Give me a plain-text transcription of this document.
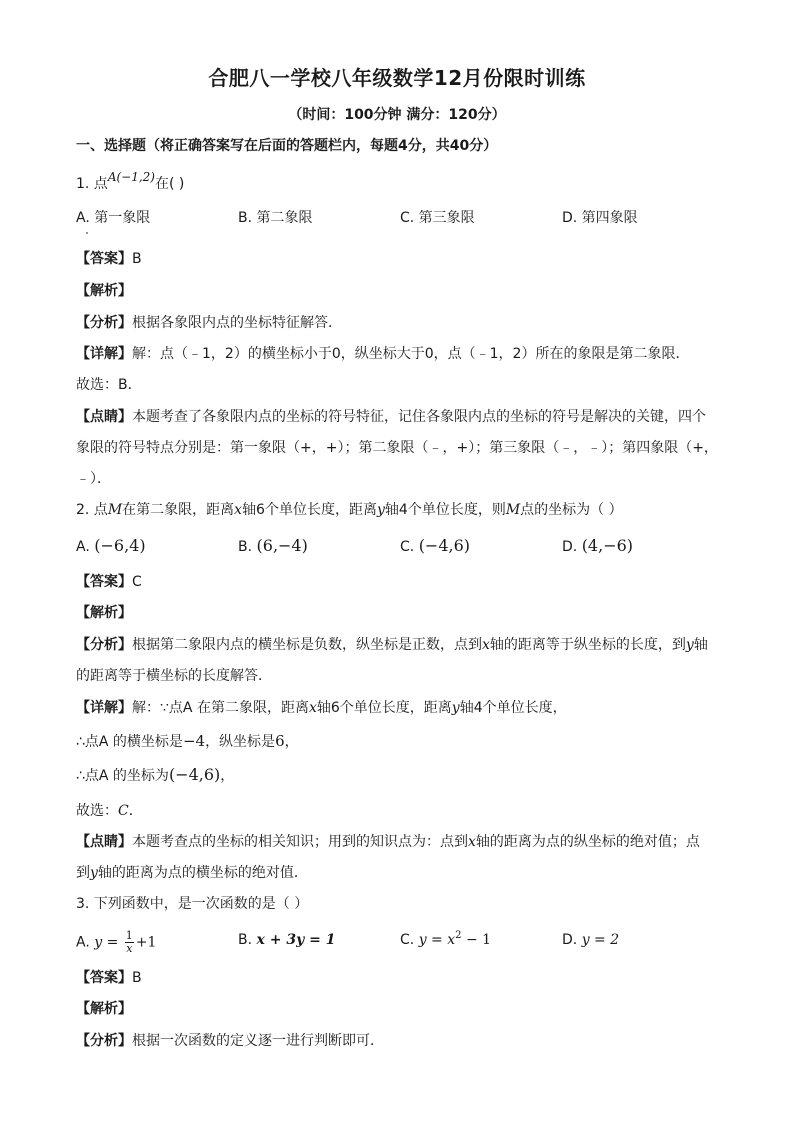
合肥八一学校八年级数学12月份限时训练
（时间：100分钟 满分：120分）
一、选择题（将正确答案写在后面的答题栏内，每题4分，共40分）
1. 点A(−1,2)在( )
A. 第一象限	B. 第二象限	C. 第三象限	D. 第四象限
【答案】B
【解析】
【分析】根据各象限内点的坐标特征解答．
【详解】解：点（﹣1，2）的横坐标小于0，纵坐标大于0，点（﹣1，2）所在的象限是第二象限．
故选：B．
【点睛】本题考查了各象限内点的坐标的符号特征，记住各象限内点的坐标的符号是解决的关键，四个
象限的符号特点分别是：第一象限（+，+）；第二象限（﹣，+）；第三象限（﹣，﹣）；第四象限（+，
﹣）．
2. 点M在第二象限，距离x轴6个单位长度，距离y轴4个单位长度，则M点的坐标为（ ）
A. (−6,4)	B. (6,−4)	C. (−4,6)	D. (4,−6)
【答案】C
【解析】
【分析】根据第二象限内点的横坐标是负数，纵坐标是正数，点到x轴的距离等于纵坐标的长度，到y轴
的距离等于横坐标的长度解答．
【详解】解：∵点A 在第二象限，距离x轴6个单位长度，距离y轴4个单位长度，
∴点A 的横坐标是−4，纵坐标是6，
∴点A 的坐标为(−4,6)，
故选：C．
【点睛】本题考查点的坐标的相关知识；用到的知识点为：点到x轴的距离为点的纵坐标的绝对值；点
到y轴的距离为点的横坐标的绝对值．
3. 下列函数中，是一次函数的是（ ）
A. $y = \frac{1}{x} +1$	B. x + 3y = 1	C. $y = x^2 - 1$	D. y = 2
【答案】B
【解析】
【分析】根据一次函数的定义逐一进行判断即可．
